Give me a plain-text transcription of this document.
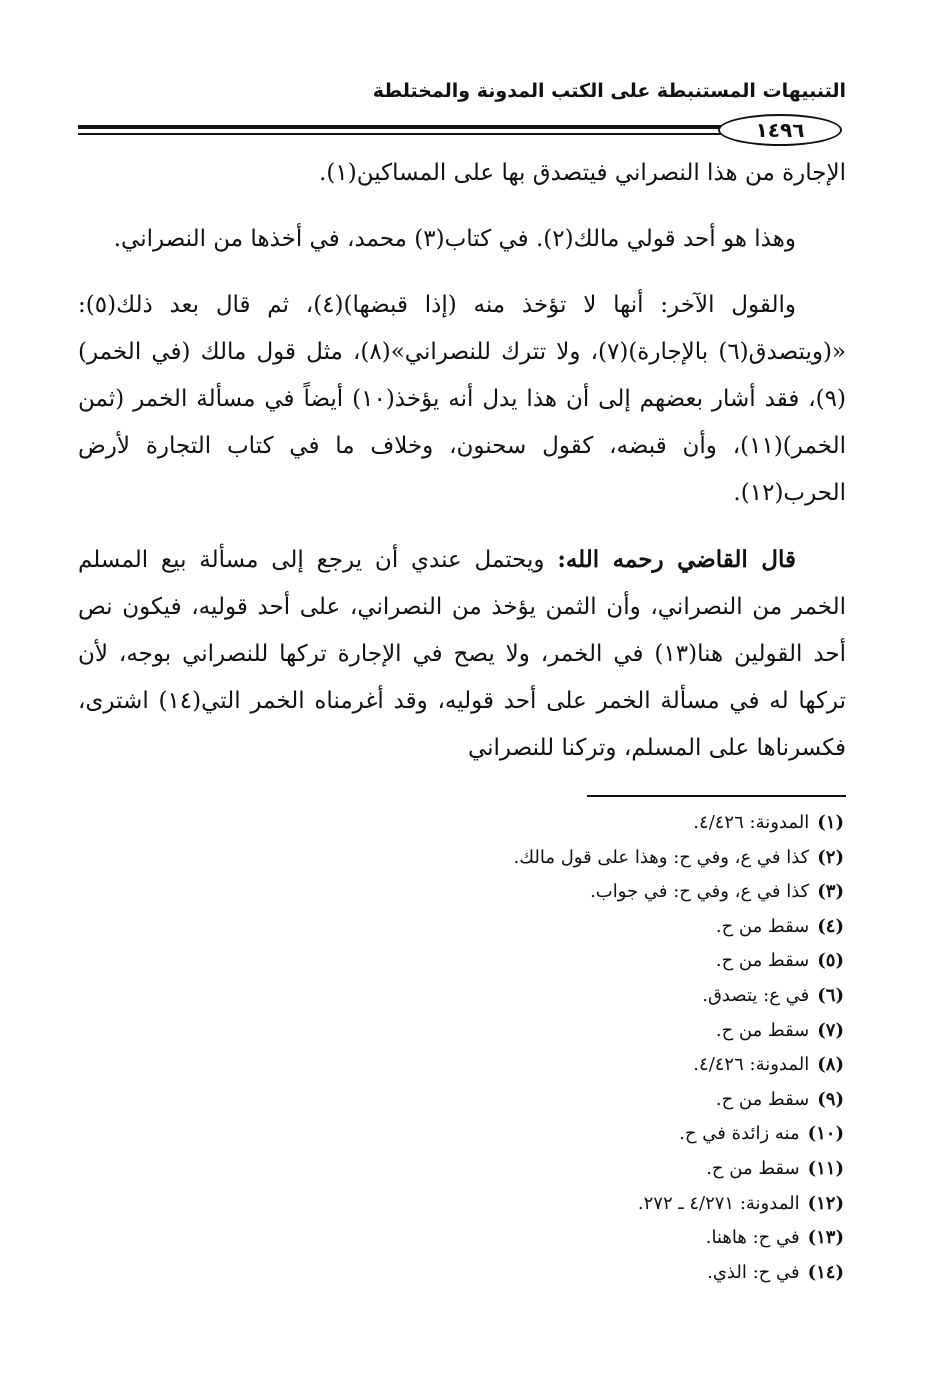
التنبيهات المستنبطة على الكتب المدونة والمختلطة
١٤٩٦

الإجارة من هذا النصراني فيتصدق بها على المساكين(١).

وهذا هو أحد قولي مالك(٢). في كتاب(٣) محمد، في أخذها من النصراني.

والقول الآخر: أنها لا تؤخذ منه (إذا قبضها)(٤)، ثم قال بعد ذلك(٥): «(ويتصدق(٦) بالإجارة)(٧)، ولا تترك للنصراني»(٨)، مثل قول مالك (في الخمر)(٩)، فقد أشار بعضهم إلى أن هذا يدل أنه يؤخذ(١٠) أيضاً في مسألة الخمر (ثمن الخمر)(١١)، وأن قبضه، كقول سحنون، وخلاف ما في كتاب التجارة لأرض الحرب(١٢).

قال القاضي رحمه الله: ويحتمل عندي أن يرجع إلى مسألة بيع المسلم الخمر من النصراني، وأن الثمن يؤخذ من النصراني، على أحد قوليه، فيكون نص أحد القولين هنا(١٣) في الخمر، ولا يصح في الإجارة تركها للنصراني بوجه، لأن تركها له في مسألة الخمر على أحد قوليه، وقد أغرمناه الخمر التي(١٤) اشترى، فكسرناها على المسلم، وتركنا للنصراني

(١)المدونة: ٤/٤٢٦.
(٢)كذا في ع، وفي ح: وهذا على قول مالك.
(٣)كذا في ع، وفي ح: في جواب.
(٤)سقط من ح.
(٥)سقط من ح.
(٦)في ع: يتصدق.
(٧)سقط من ح.
(٨)المدونة: ٤/٤٢٦.
(٩)سقط من ح.
(١٠)منه زائدة في ح.
(١١)سقط من ح.
(١٢)المدونة: ٤/٢٧١ ـ ٢٧٢.
(١٣)في ح: هاهنا.
(١٤)في ح: الذي.
